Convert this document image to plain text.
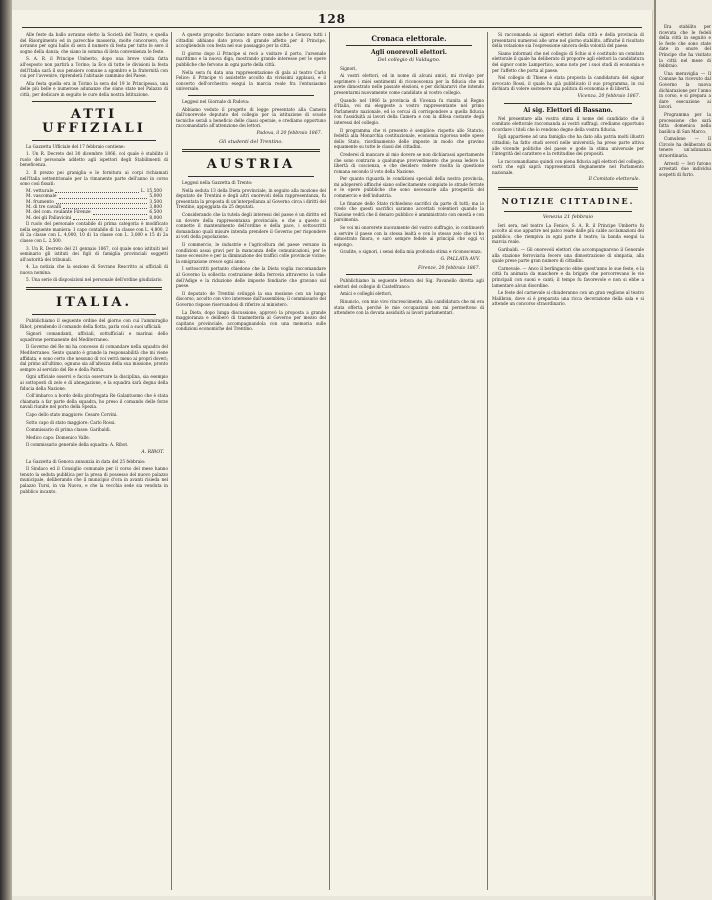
128

Alle feste da ballo avranno eletto la Società del Teatro, e quella del Risorgimento ed in parecchie masseria, molte concorsero, che avranno per ogni ballo di sera il numero di festa per tutto le sere il sogno della danza; che siano in somma di lieta convenienza le feste.

S. A. R. il Principe Umberto, dopo una breve visita fatta all'esposto non partirà a Torino; la Eco di tutte le divisioni la festa dell'Italia sarà il suo pensiero comune a sgombro e la fraternità con cui per l'avvenire, riprenderà l'abituale cammino del Paese.

Alla festa quella era in Torino la sera del 19 lo Principessa, una delle più belle e numerose adunanze che siano state nel Palazzo di città, per dedicare in seguito le cure della nostra Istituzione.

ATTI UFFIZIALI

La Gazzetta Ufficiale del 17 febbraio contiene:

1. Un R. Decreto del 30 dicembre 1866, col quale è stabilito il ruolo del personale addetto agli ispettori degli Stabilimenti di beneficenza.

2. Il prezzo pei graniglia e le fornitura ai corpi richiamati nell'Italia settentrionale per la rimanente parte dell'anno in corso sono così fissati:

M. vetturale	L. 15,500
M. vascomale	5,000
M. frumento	3,500
M. di tre cavalli	3,800
M. del com. roulante Firenze	6,500
M. dei gli Pallavicini	8,000

Il ruolo del personale contabile di prima categoria è modificato nella seguente maniera: 1 capo contabile di 1a classe con L. 4,800, 2 di 2a classe con L. 4,000, 10 di 1a classe con L. 3,000 e 15 di 2a classe con L. 2,500.

3. Un R. Decreto del 21 gennaio 1867, col quale sono istituiti nel seminario gli istituti dei figli di famiglia provinciali soggetti all'autorità dei tribunali.

4. La notizia che la sezione di Sovrano Rescritto ai ufficiali di nuova nomina.

5. Una serie di disposizioni nel personale dell'ordine giudiziario.

ITALIA.

Pubblichiamo il seguente ordine del giorno con cui l'ammiraglio Ribot, prendendo il comando della flotta, parla così a suoi ufficiali:

Signori comandanti, ufficiali, sottufficiali e marinai dello squadrone permanente del Mediterraneo.

Il Governo del Re mi ha concesso di comandare nella squadra del Mediterraneo. Sento quanto è grande la responsabilità che mi viene affidata, e sono certo che nessuno di voi verrà meno ai propri doveri; dal primo all'ultimo, ognuno sia all'altezza della sua missione, pronto sempre al servizio del Re e della Patria.

Ogni ufficiale osservi e faccia osservare la disciplina, sia esempio ai sottoposti di zelo e di abnegazione, e la squadra sarà degna della fiducia della Nazione.

Coll'imbarco a bordo della pirofregata Re Galantuomo che è stata chiamata a far parte della squadra, ho preso il comando delle forze navali riunite nel porto della Spezia.

Capo dello stato maggiore: Cesare Corvini.

Sotto capo di stato maggiore: Carlo Rossi.

Commissario di prima classe: Garibaldi.

Medico capo: Domenico Valle.

Il commissario generale della squadra: A. Ribot.

A. RIBOT.

La Gazzetta di Genova annunzia in data del 25 febbraio:

Il Sindaco ed il Consiglio comunale per il corso del mese hanno tenuto la seduta pubblica per la presa di possesso del nuovo palazzo municipale, deliberando che il municipio d'ora in avanti risieda nel palazzo Tursi, in via Nuova, e che la vecchia sede sia venduta in pubblico incanto.

A questo proposito facciamo notare come anche a Genova tutti i cittadini abbiano dato prova di grande affetto per il Principe, accogliendolo con festa nel suo passaggio per la città.

Il giorno dopo il Principe si recò a visitare il porto, l'arsenale marittimo e la nuova diga, mostrando grande interesse per le opere pubbliche che fervono in ogni parte della città.

Nella sera fu data una rappresentazione di gala al teatro Carlo Felice: il Principe vi assistette accolto da vivissimi applausi, e il concerto dell'orchestra eseguì la marcia reale fra l'entusiasmo universale.

Leggesi nel Giornale di Padova:

Abbiamo veduto il progetto di legge presentato alla Camera dall'onorevole deputato del collegio per la istituzione di scuole tecniche serali a beneficio delle classi operaie, e crediamo opportuno raccomandarlo all'attenzione dei lettori.

Padova, il 20 febbraio 1867.
Gli studenti del Trentino.
AUSTRIA

Leggesi nella Gazzetta di Trento:

Nella seduta 13 della Dieta provinciale, in seguito alla mozione del deputato de Trentini e degli altri onorevoli della rappresentanza, fu presentata la proposta di un'interpellanza al Governo circa i diritti del Trentino, appoggiata da 25 deputati.

Considerando che la tutela degli interessi del paese è un diritto ed un dovere della rappresentanza provinciale, e che a questo si connette il mantenimento dell'ordine e della pace, i sottoscritti domandano quali misure intenda prendere il Governo per rispondere ai voti della popolazione.

Il commercio, le industrie e l'agricoltura del paese versano in condizioni assai gravi per la mancanza delle comunicazioni, per le tasse eccessive e per la diminuzione dei traffici colle provincie vicine; la emigrazione cresce ogni anno.

I sottoscritti pertanto chiedono che la Dieta voglia raccomandare al Governo la sollecita costruzione della ferrovia attraverso la valle dell'Adige e la riduzione delle imposte fondiarie che gravano sul paese.

Il deputato de Trentini sviluppò la sua mozione con un lungo discorso, accolto con vivo interesse dall'assemblea; il commissario del Governo rispose riservandosi di riferire al ministero.

La Dieta, dopo lunga discussione, approvò la proposta a grande maggioranza e deliberò di trasmetterla al Governo per mezzo del capitano provinciale, accompagnandola con una memoria sulle condizioni economiche del Trentino.

Cronaca elettorale.
Agli onorevoli elettori.
Del collegio di Valdagno.

Signori,

Ai vostri elettori, ed in nome di alcuni amici, mi rivolgo per esprimere i miei sentimenti di riconoscenza per la fiducia che mi avete dimostrato nelle passate elezioni, e per dichiararvi che intendo presentarmi nuovamente come candidato al vostro collegio.

Quando nel 1866 la provincia di Vicenza fu riunita al Regno d'Italia, voi mi eleggeste a vostro rappresentante nel primo Parlamento nazionale, ed io cercai di corrispondere a quella fiducia con l'assiduità ai lavori della Camera e con la difesa costante degli interessi del collegio.

Il programma che vi presento è semplice: rispetto allo Statuto, fedeltà alla Monarchia costituzionale, economia rigorosa nelle spese dello Stato, riordinamento delle imposte in modo che gravino equamente su tutte le classi dei cittadini.

Crederei di mancare al mio dovere se non dichiarassi apertamente che sono contrario a qualunque provvedimento che possa ledere la libertà di coscienza, e che desidero vedere risolta la questione romana secondo il voto della Nazione.

Per quanto riguarda le condizioni speciali della nostra provincia, mi adopererò affinché siano sollecitamente compiute le strade ferrate e le opere pubbliche che sono necessarie alla prosperità del commercio e dell'industria.

Le finanze dello Stato richiedono sacrifici da parte di tutti; ma io credo che questi sacrifici saranno accettati volentieri quando la Nazione vedrà che il denaro pubblico è amministrato con onestà e con parsimonia.

Se voi mi onorerete nuovamente del vostro suffragio, io continuerò a servire il paese con la stessa lealtà e con lo stesso zelo che vi ho dimostrato finora, e sarò sempre fedele ai principii che oggi vi espongo.

Gradite, o signori, i sensi della mia profonda stima e riconoscenza.

G. PALLATA AVV.
Firenze, 20 febbraio 1867.

Pubblichiamo la seguente lettera del Sig. Pavanello diretta agli elettori del collegio di Castelfranco:

Amici e colleghi elettori,

Rinuncio, con mio vivo rincrescimento, alla candidatura che mi era stata offerta, perché le mie occupazioni non mi permettono di attendere con la dovuta assiduità ai lavori parlamentari.

Si raccomanda ai signori elettori della città e della provincia di presentarsi numerosi alle urne nel giorno stabilito, affinché il risultato della votazione sia l'espressione sincera della volontà del paese.

Siamo informati che nel collegio di Schio si è costituito un comitato elettorale il quale ha deliberato di proporre agli elettori la candidatura del signor conte Lampertico, uomo noto per i suoi studi di economia e per l'affetto che porta al paese.

Nel collegio di Thiene è stata proposta la candidatura del signor avvocato Rossi, il quale ha già pubblicato il suo programma, in cui dichiara di volere sostenere una politica di economia e di libertà.

Vicenza, 20 febbraio 1867.
Ai sig. Elettori di Bassano.

Nel presentare alla vostra stima il nome del candidato che il comitato elettorale raccomanda ai vostri suffragi, crediamo opportuno ricordare i titoli che lo rendono degno della vostra fiducia.

Egli appartiene ad una famiglia che ha dato alla patria molti illustri cittadini; ha fatto studi severi nelle università; ha preso parte attiva alle vicende politiche del paese e gode la stima universale per l'integrità del carattere e la rettitudine dei propositi.

Lo raccomandiamo quindi con piena fiducia agli elettori del collegio, certi che egli saprà rappresentarli degnamente nel Parlamento nazionale.

Il Comitato elettorale.
NOTIZIE CITTADINE.
Venezia 21 febbraio

Ieri sera, nel teatro La Fenice, S. A. R. il Principe Umberto fu accolto al suo apparire nel palco reale dalle più calde acclamazioni del pubblico, che riempiva in ogni parte il teatro; la banda eseguì la marcia reale.

Garibaldi. — Gli onorevoli elettori che accompagnarono il Generale alla stazione ferroviaria fecero una dimostrazione di simpatia, alla quale prese parte gran numero di cittadini.

Carnevale. — Anco il berlingaccio ebbe quest'anno le sue feste, e la città fu animata da maschere e da brigate che percorrevano le vie principali con suoni e canti; il tempo fu favorevole e non si ebbe a lamentare alcun disordine.

Le feste del carnevale si chiuderanno con un gran veglione al teatro Malibran, dove si è preparata una ricca decorazione della sala e si attende un concorso straordinario.

Era stabilito per ricevuta che le fedeli della città in seguito e le feste che sono state date in onore del Principe che ha visitato la città nel mese di febbraio.

Una meraviglia — Il Comune ha ricevuto dal Governo la nuova dichiarazione per l'anno in corso, e si prepara a dare esecuzione ai lavori.

Programma per la processione che sarà fatta domenica nella basilica di San Marco.

Cumulone — Il Circolo ha deliberato di tenere un'adunanza straordinaria.

Arresti — Ieri furono arrestati due individui sospetti di furto.
